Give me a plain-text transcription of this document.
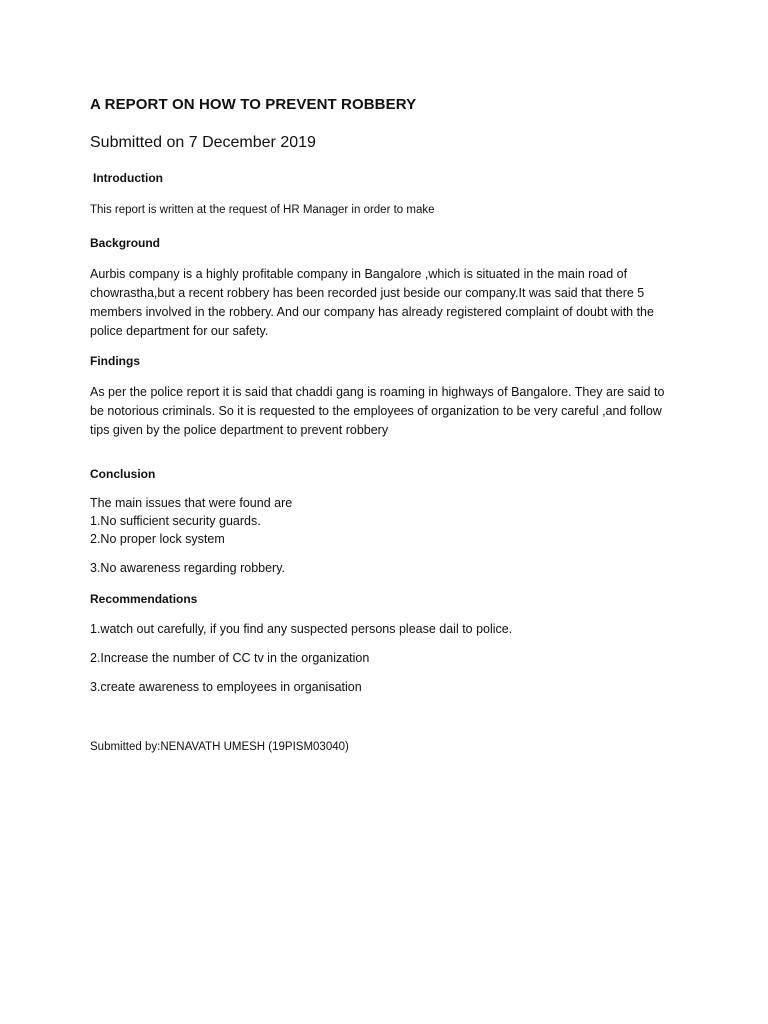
A REPORT ON HOW TO PREVENT ROBBERY

Submitted on 7 December 2019

Introduction

This report is written at the request of HR Manager in order to make

Background

Aurbis company is a highly profitable company in Bangalore ,which is situated in the main road of
chowrastha,but a recent robbery has been recorded just beside our company.It was said that there 5
members involved in the robbery. And our company has already registered complaint of doubt with the
police department for our safety.

Findings

As per the police report it is said that chaddi gang is roaming in highways of Bangalore. They are said to
be notorious criminals. So it is requested to the employees of organization to be very careful ,and follow
tips given by the police department to prevent robbery

Conclusion

The main issues that were found are

1.No sufficient security guards.

2.No proper lock system

3.No awareness regarding robbery.

Recommendations

1.watch out carefully, if you find any suspected persons please dail to police.

2.Increase the number of CC tv in the organization

3.create awareness to employees in organisation

Submitted by:NENAVATH UMESH (19PISM03040)
